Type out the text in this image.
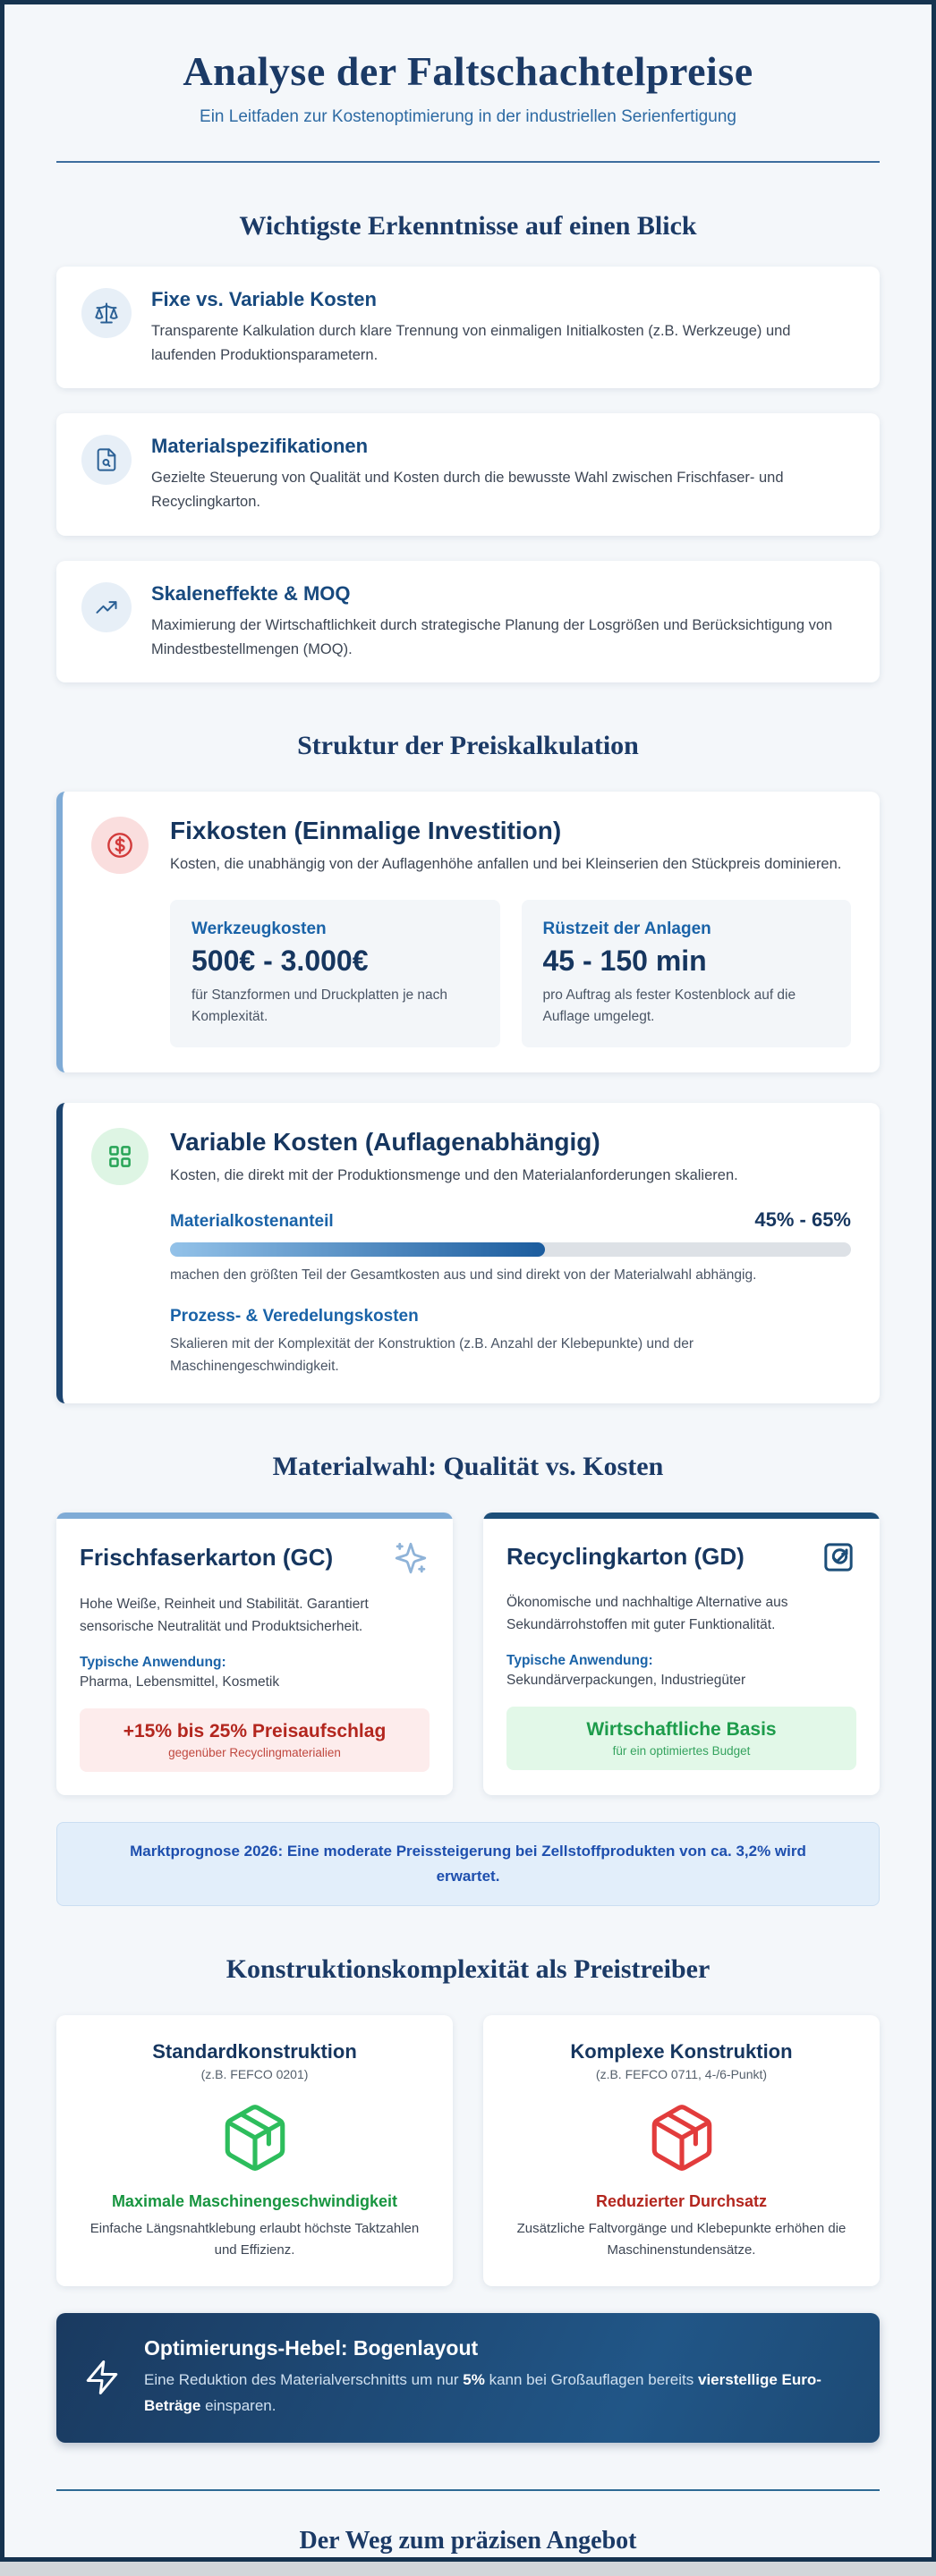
Analyse der Faltschachtelpreise
Ein Leitfaden zur Kostenoptimierung in der industriellen Serienfertigung
Wichtigste Erkenntnisse auf einen Blick
Fixe vs. Variable Kosten

Transparente Kalkulation durch klare Trennung von einmaligen Initialkosten (z.B. Werkzeuge) und laufenden Produktionsparametern.

Materialspezifikationen

Gezielte Steuerung von Qualität und Kosten durch die bewusste Wahl zwischen Frischfaser- und Recyclingkarton.

Skaleneffekte & MOQ

Maximierung der Wirtschaftlichkeit durch strategische Planung der Losgrößen und Berücksichtigung von Mindestbestellmengen (MOQ).

Struktur der Preiskalkulation
Fixkosten (Einmalige Investition)

Kosten, die unabhängig von der Auflagenhöhe anfallen und bei Kleinserien den Stückpreis dominieren.

Werkzeugkosten
500€ - 3.000€
für Stanzformen und Druckplatten je nach Komplexität.
Rüstzeit der Anlagen
45 - 150 min
pro Auftrag als fester Kostenblock auf die Auflage umgelegt.
Variable Kosten (Auflagenabhängig)

Kosten, die direkt mit der Produktionsmenge und den Materialanforderungen skalieren.

Materialkostenanteil	45% - 65%
machen den größten Teil der Gesamtkosten aus und sind direkt von der Materialwahl abhängig.
Prozess- & Veredelungskosten
Skalieren mit der Komplexität der Konstruktion (z.B. Anzahl der Klebepunkte) und der Maschinengeschwindigkeit.
Materialwahl: Qualität vs. Kosten
Frischfaserkarton (GC)

Hohe Weiße, Reinheit und Stabilität. Garantiert sensorische Neutralität und Produktsicherheit.

Typische Anwendung:
Pharma, Lebensmittel, Kosmetik
+15% bis 25% Preisaufschlag
gegenüber Recyclingmaterialien
Recyclingkarton (GD)

Ökonomische und nachhaltige Alternative aus Sekundärrohstoffen mit guter Funktionalität.

Typische Anwendung:
Sekundärverpackungen, Industriegüter
Wirtschaftliche Basis
für ein optimiertes Budget
Marktprognose 2026: Eine moderate Preissteigerung bei Zellstoffprodukten von ca. 3,2% wird erwartet.
Konstruktionskomplexität als Preistreiber
Standardkonstruktion
(z.B. FEFCO 0201)
Maximale Maschinengeschwindigkeit
Einfache Längsnahtklebung erlaubt höchste Taktzahlen und Effizienz.
Komplexe Konstruktion
(z.B. FEFCO 0711, 4-/6-Punkt)
Reduzierter Durchsatz
Zusätzliche Faltvorgänge und Klebepunkte erhöhen die Maschinenstundensätze.
Optimierungs-Hebel: Bogenlayout

Eine Reduktion des Materialverschnitts um nur 5% kann bei Großauflagen bereits vierstellige Euro-Beträge einsparen.

Der Weg zum präzisen Angebot
